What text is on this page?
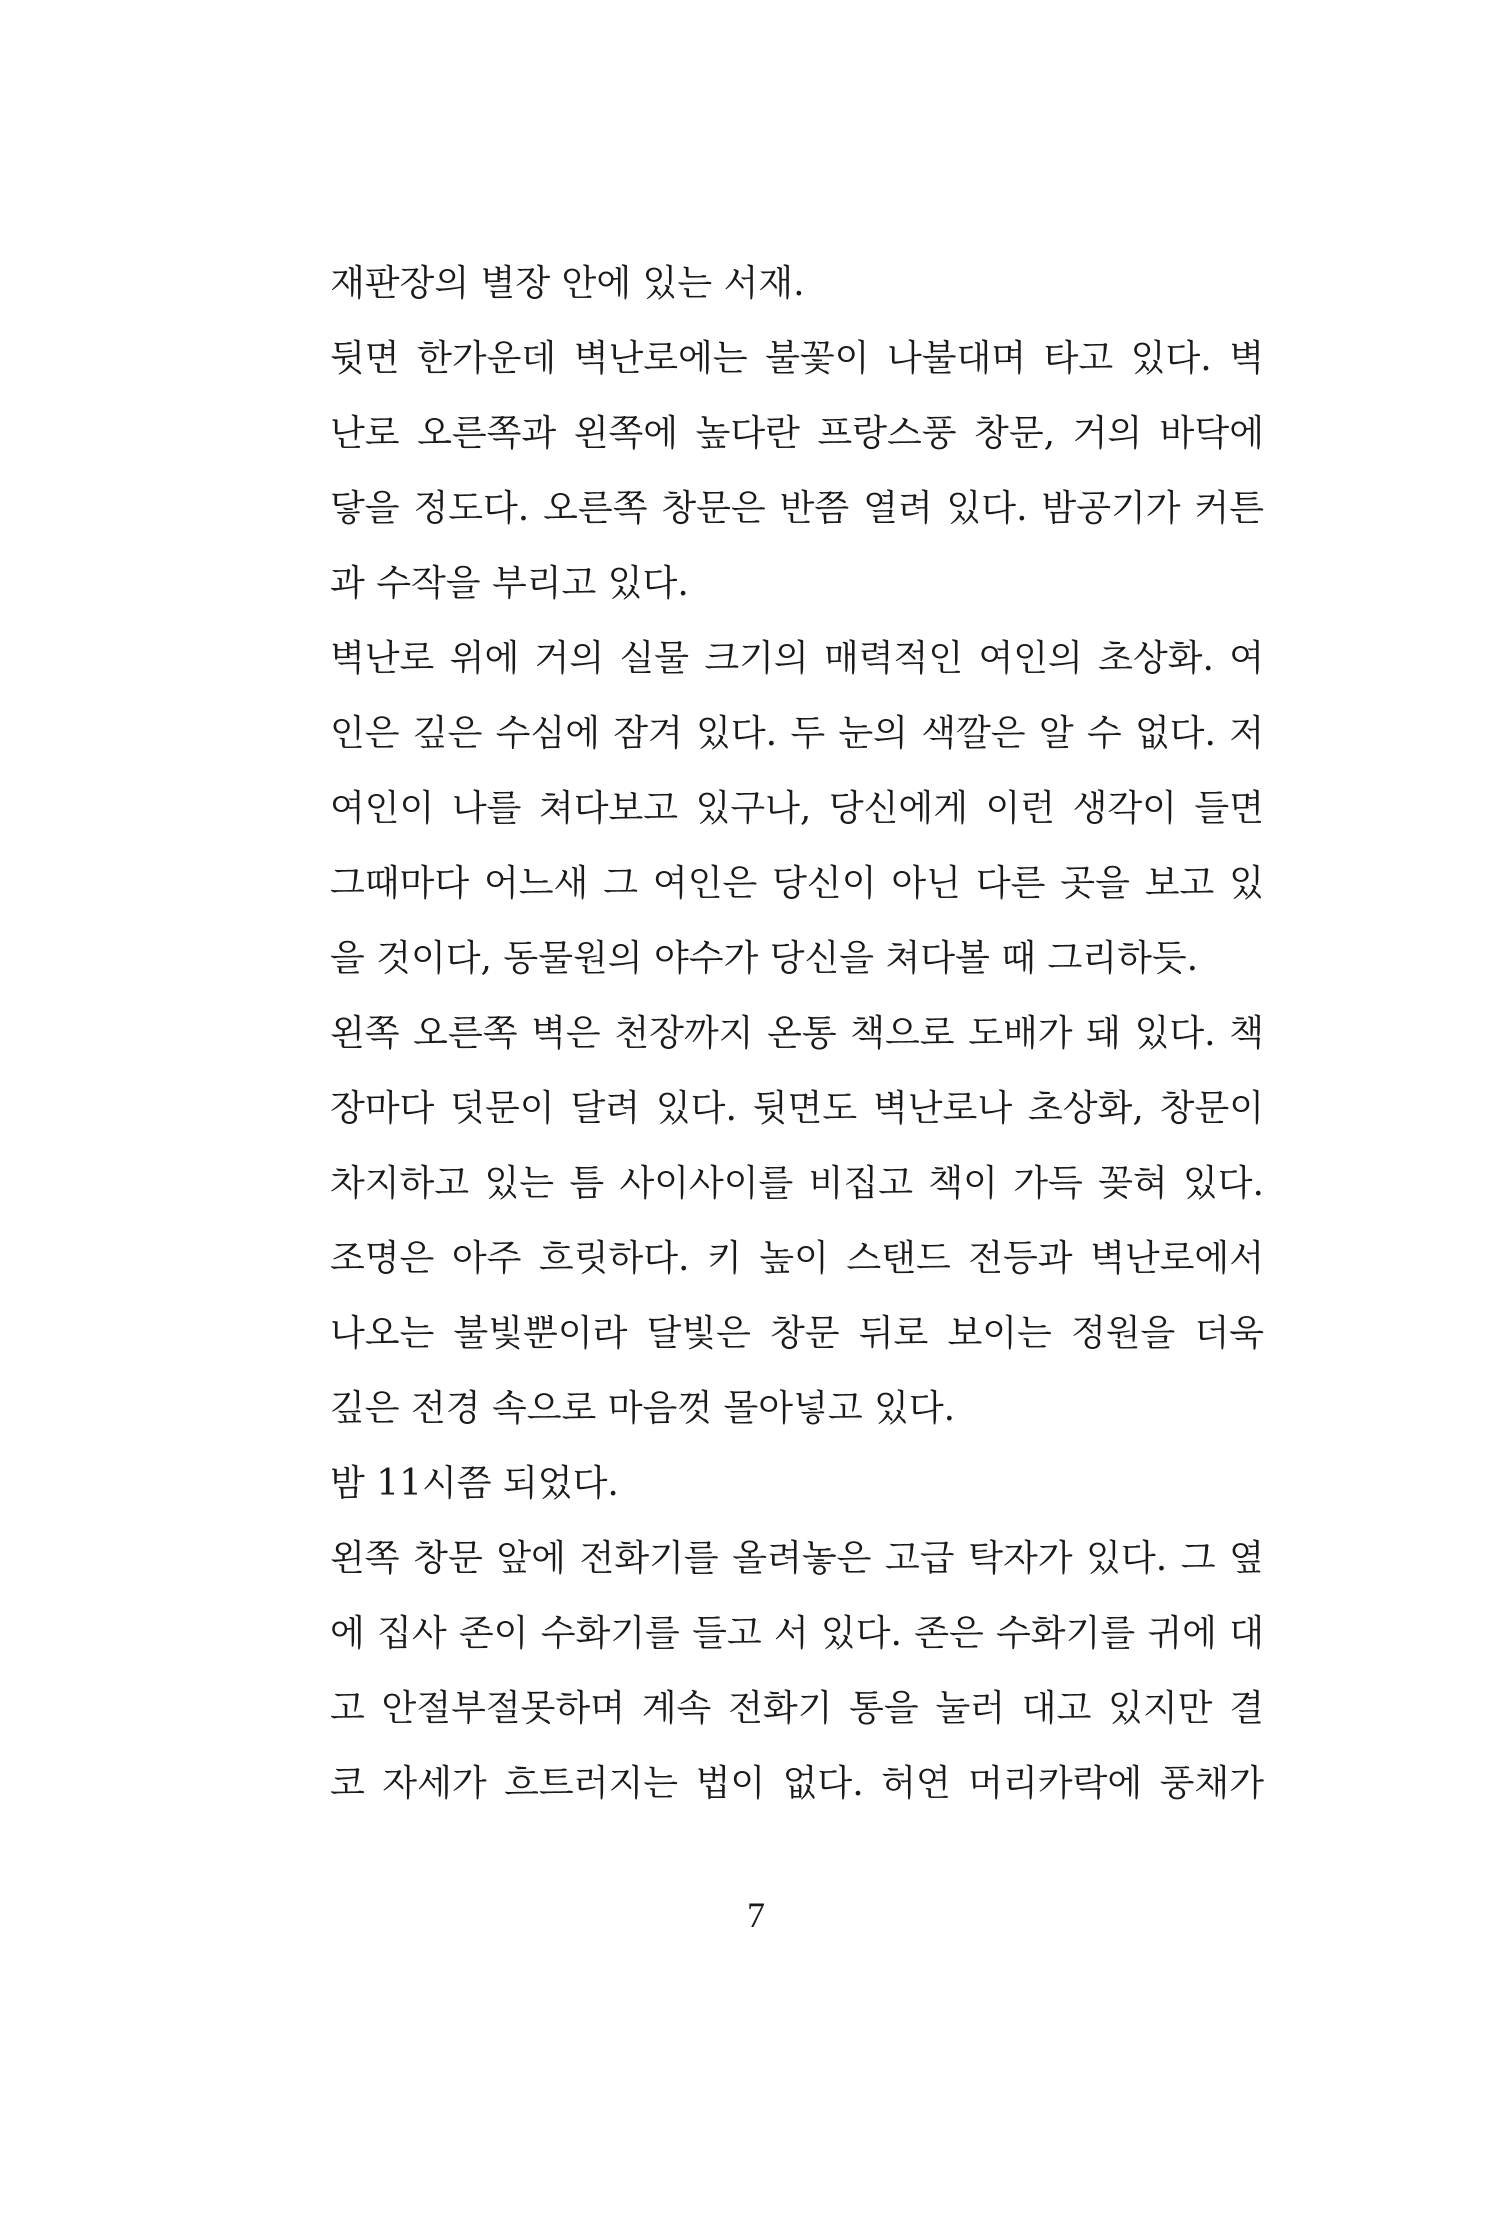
재판장의 별장 안에 있는 서재.
뒷면 한가운데 벽난로에는 불꽃이 나불대며 타고 있다. 벽
난로 오른쪽과 왼쪽에 높다란 프랑스풍 창문, 거의 바닥에
닿을 정도다. 오른쪽 창문은 반쯤 열려 있다. 밤공기가 커튼
과 수작을 부리고 있다.
벽난로 위에 거의 실물 크기의 매력적인 여인의 초상화. 여
인은 깊은 수심에 잠겨 있다. 두 눈의 색깔은 알 수 없다. 저
여인이 나를 쳐다보고 있구나, 당신에게 이런 생각이 들면
그때마다 어느새 그 여인은 당신이 아닌 다른 곳을 보고 있
을 것이다, 동물원의 야수가 당신을 쳐다볼 때 그리하듯.
왼쪽 오른쪽 벽은 천장까지 온통 책으로 도배가 돼 있다. 책
장마다 덧문이 달려 있다. 뒷면도 벽난로나 초상화, 창문이
차지하고 있는 틈 사이사이를 비집고 책이 가득 꽂혀 있다.
조명은 아주 흐릿하다. 키 높이 스탠드 전등과 벽난로에서
나오는 불빛뿐이라 달빛은 창문 뒤로 보이는 정원을 더욱
깊은 전경 속으로 마음껏 몰아넣고 있다.
밤 11시쯤 되었다.
왼쪽 창문 앞에 전화기를 올려놓은 고급 탁자가 있다. 그 옆
에 집사 존이 수화기를 들고 서 있다. 존은 수화기를 귀에 대
고 안절부절못하며 계속 전화기 통을 눌러 대고 있지만 결
코 자세가 흐트러지는 법이 없다. 허연 머리카락에 풍채가
7
